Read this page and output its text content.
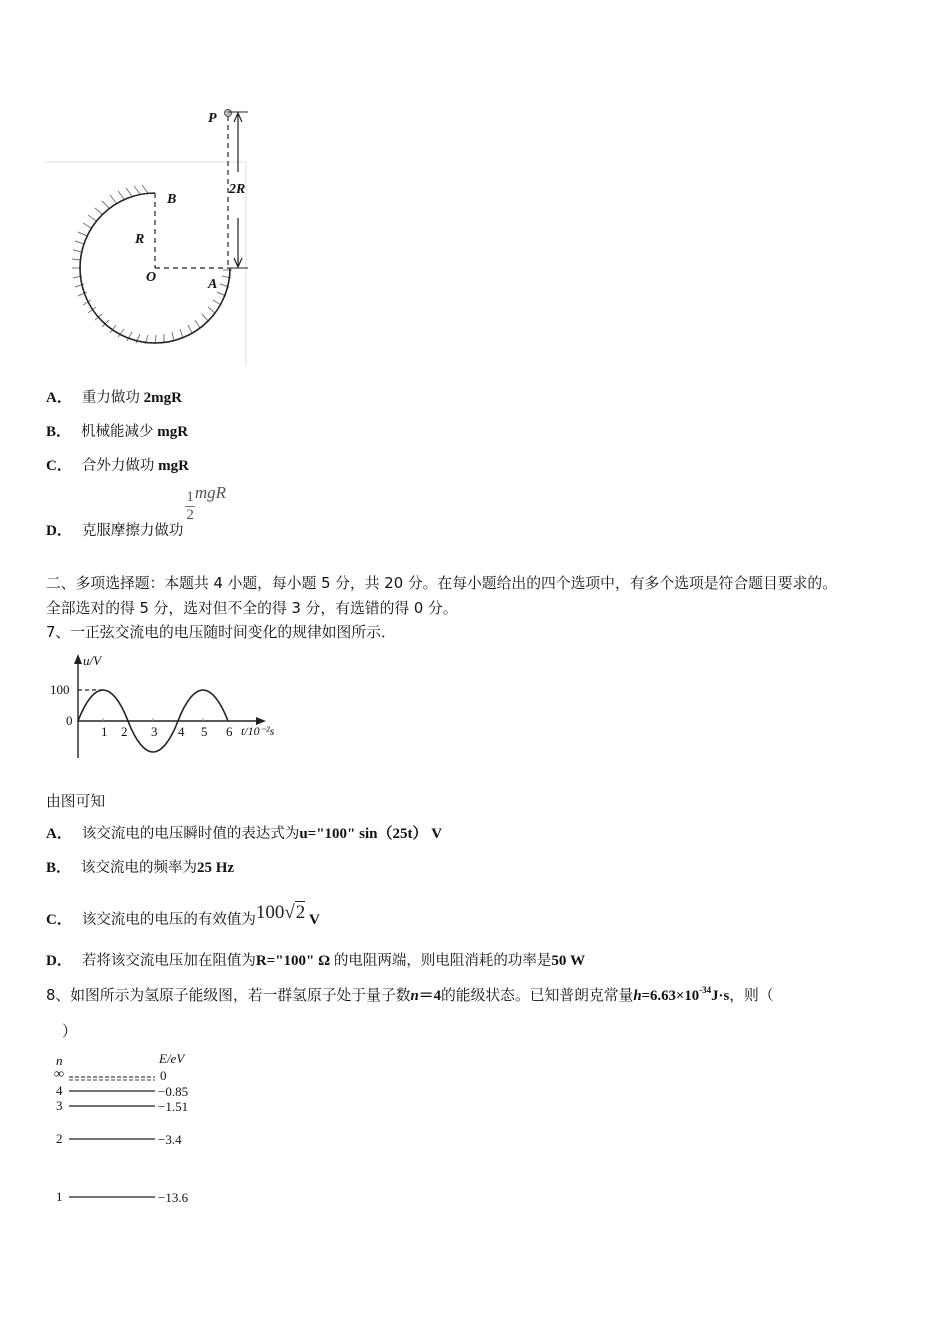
P
B
R
O	A
2R
A． 重力做功 2mgR
B． 机械能减少 mgR
C． 合外力做功 mgR
D． 克服摩擦力做功
$\frac{1}{2}$ mgR
二、多项选择题：本题共 4 小题，每小题 5 分，共 20 分。在每小题给出的四个选项中，有多个选项是符合题目要求的。
全部选对的得 5 分，选对但不全的得 3 分，有选错的得 0 分。
7、一正弦交流电的电压随时间变化的规律如图所示．
u/V
100
0
1 2 3 4 5 6 t/10⁻²s
由图可知
A． 该交流电的电压瞬时值的表达式为u="100" sin（25t） V
B． 该交流电的频率为25 Hz
C． 该交流电的电压的有效值为100√2 V
D． 若将该交流电压加在阻值为R="100" Ω 的电阻两端，则电阻消耗的功率是50 W
8、如图所示为氢原子能级图，若一群氢原子处于量子数n＝4的能级状态。已知普朗克常量$h=6.63\times 10^{-34}J\cdot s$，则（
）
n	E/eV
∞	0
4	−0.85
3	−1.51
2	−3.4
1	−13.6
